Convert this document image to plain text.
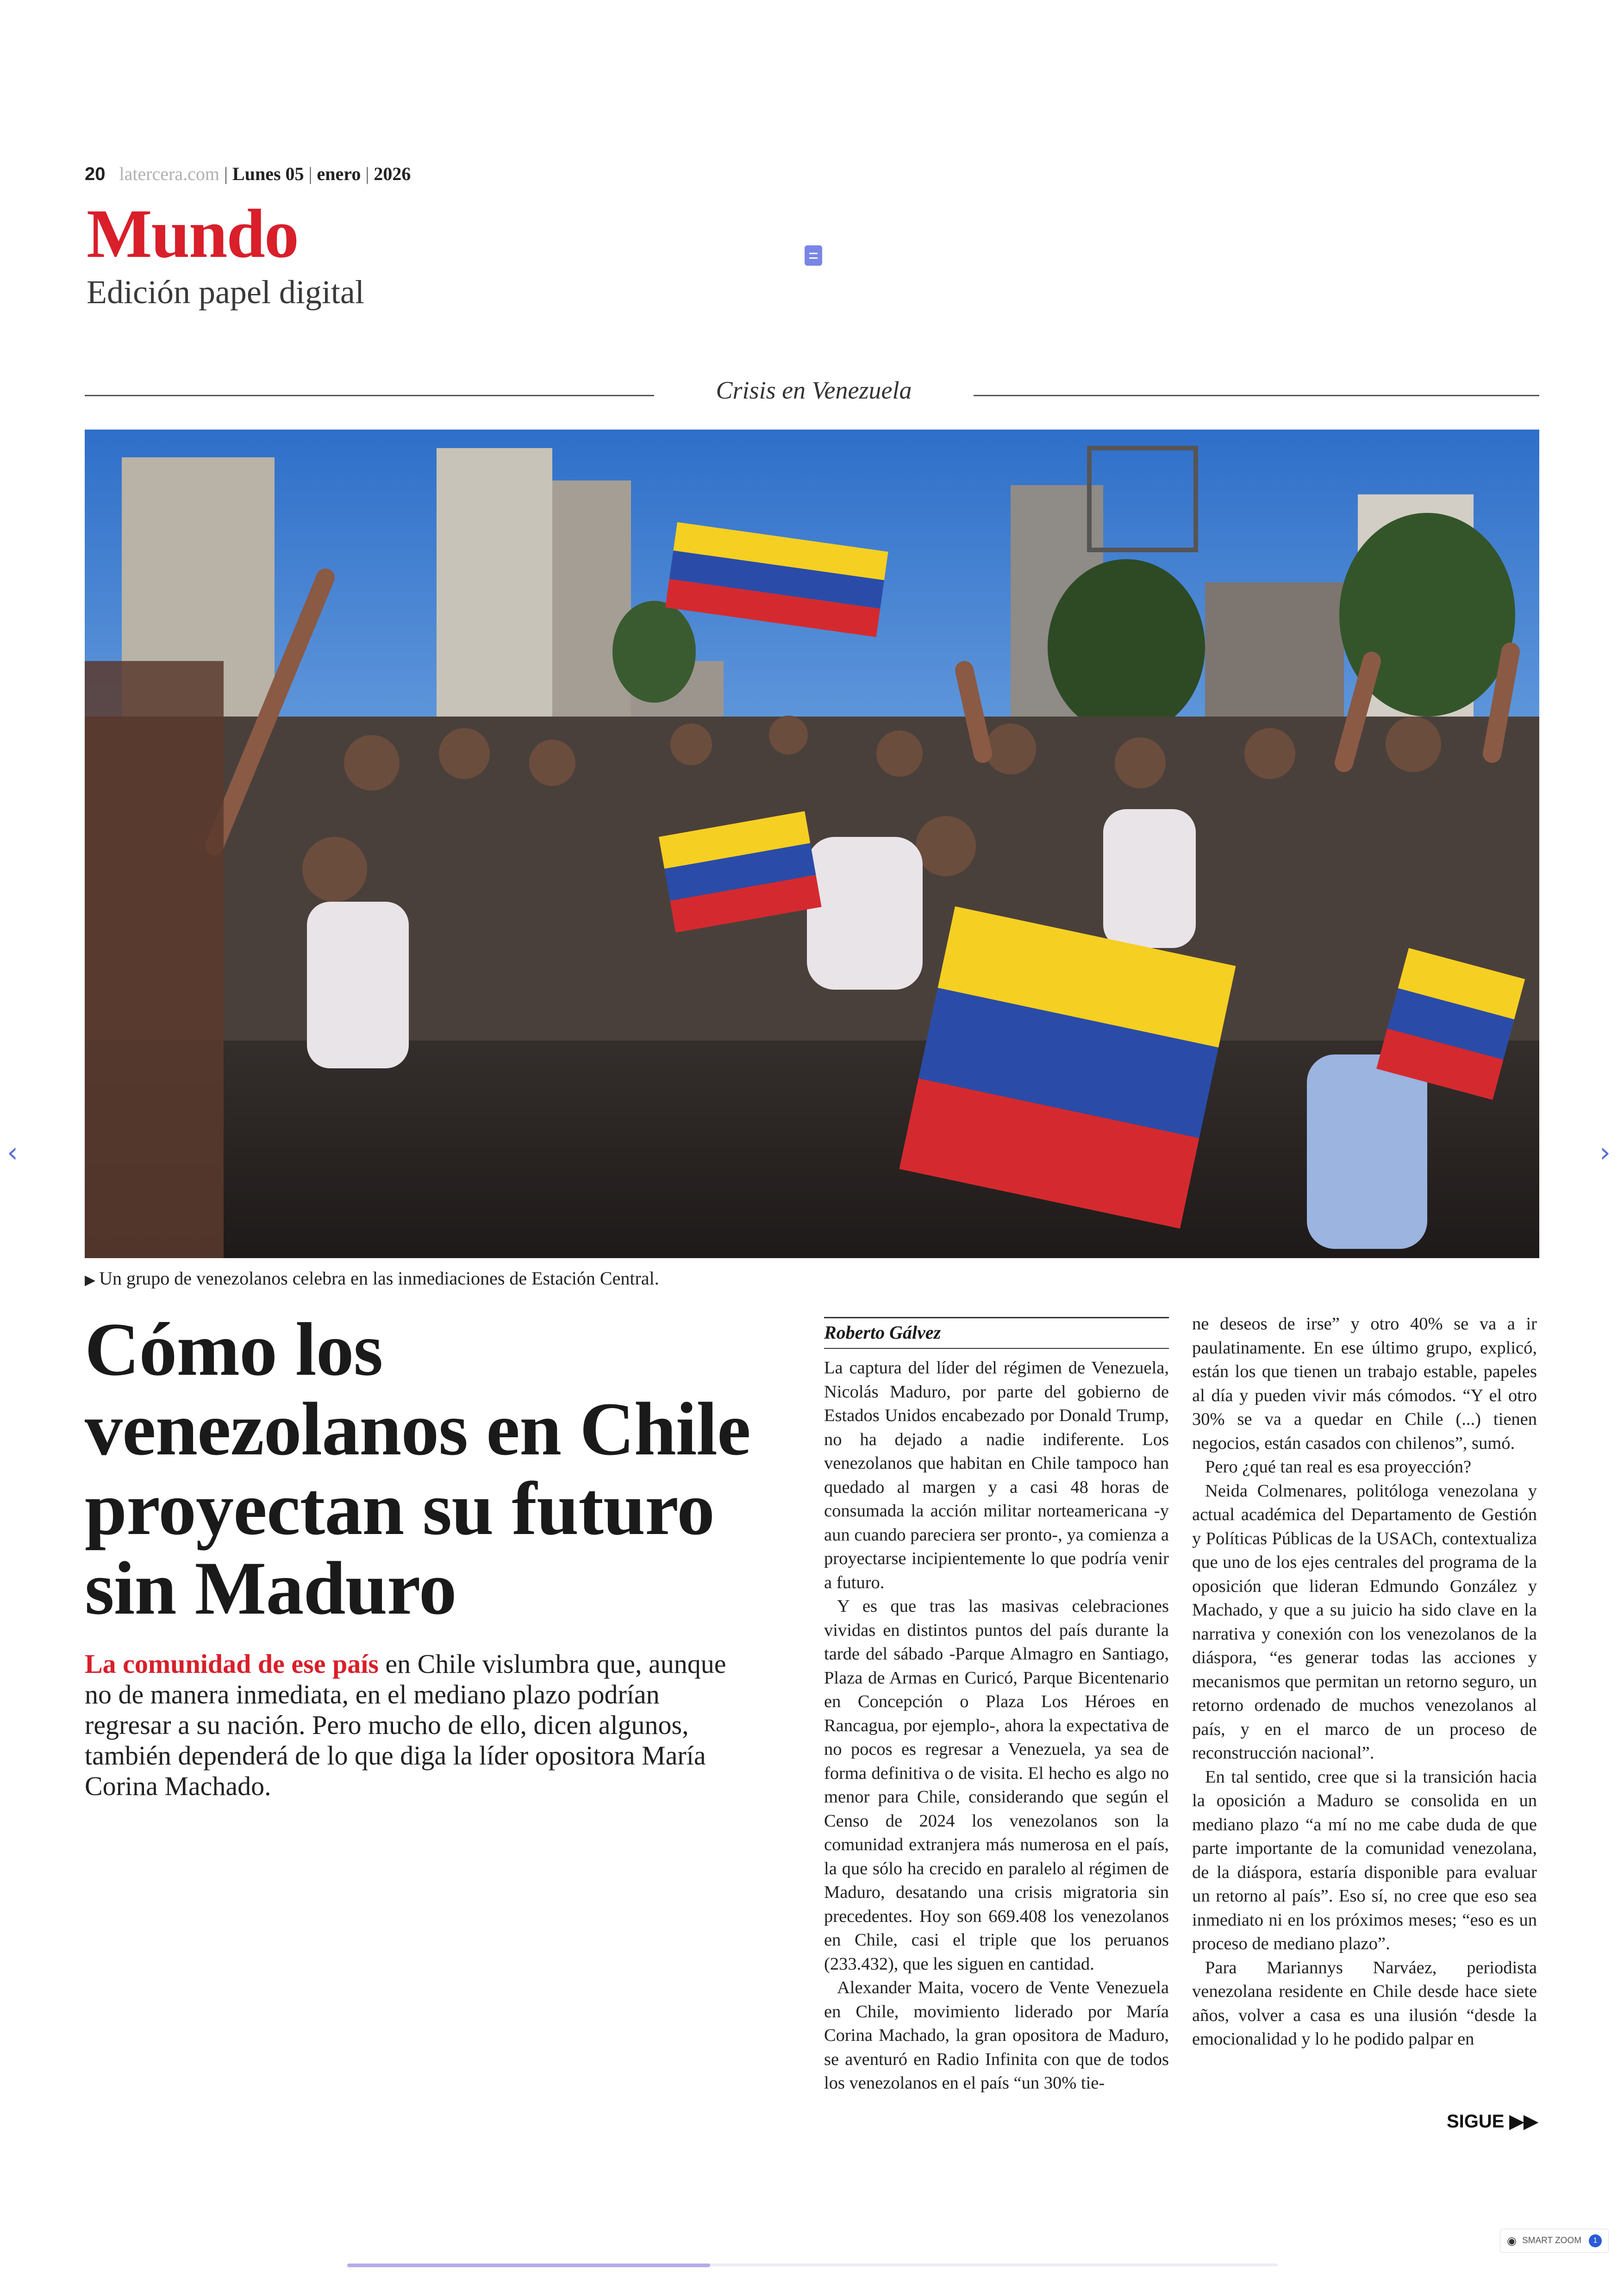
20 latercera.com | Lunes 05 | enero | 2026
Mundo
Edición papel digital
Crisis en Venezuela
▶ Un grupo de venezolanos celebra en las inmediaciones de Estación Central.
Cómo los venezolanos en Chile proyectan su futuro sin Maduro

La comunidad de ese país en Chile vislumbra que, aunque no de manera inmediata, en el mediano plazo podrían regresar a su nación. Pero mucho de ello, dicen algunos, también dependerá de lo que diga la líder opositora María Corina Machado.

Roberto Gálvez

La captura del líder del régimen de Venezuela, Nicolás Maduro, por parte del gobierno de Estados Unidos encabezado por Donald Trump, no ha dejado a nadie indiferente. Los venezolanos que habitan en Chile tampoco han quedado al margen y a casi 48 horas de consumada la acción militar norteamericana -y aun cuando pareciera ser pronto-, ya comienza a proyectarse incipientemente lo que podría venir a futuro.

Y es que tras las masivas celebraciones vividas en distintos puntos del país durante la tarde del sábado -Parque Almagro en Santiago, Plaza de Armas en Curicó, Parque Bicentenario en Concepción o Plaza Los Héroes en Rancagua, por ejemplo-, ahora la expectativa de no pocos es regresar a Venezuela, ya sea de forma definitiva o de visita. El hecho es algo no menor para Chile, considerando que según el Censo de 2024 los venezolanos son la comunidad extranjera más numerosa en el país, la que sólo ha crecido en paralelo al régimen de Maduro, desatando una crisis migratoria sin precedentes. Hoy son 669.408 los venezolanos en Chile, casi el triple que los peruanos (233.432), que les siguen en cantidad.

Alexander Maita, vocero de Vente Venezuela en Chile, movimiento liderado por María Corina Machado, la gran opositora de Maduro, se aventuró en Radio Infinita con que de todos los venezolanos en el país “un 30% tie-

ne deseos de irse” y otro 40% se va a ir paulatinamente. En ese último grupo, explicó, están los que tienen un trabajo estable, papeles al día y pueden vivir más cómodos. “Y el otro 30% se va a quedar en Chile (...) tienen negocios, están casados con chilenos”, sumó.

Pero ¿qué tan real es esa proyección?

Neida Colmenares, politóloga venezolana y actual académica del Departamento de Gestión y Políticas Públicas de la USACh, contextualiza que uno de los ejes centrales del programa de la oposición que lideran Edmundo González y Machado, y que a su juicio ha sido clave en la narrativa y conexión con los venezolanos de la diáspora, “es generar todas las acciones y mecanismos que permitan un retorno seguro, un retorno ordenado de muchos venezolanos al país, y en el marco de un proceso de reconstrucción nacional”.

En tal sentido, cree que si la transición hacia la oposición a Maduro se consolida en un mediano plazo “a mí no me cabe duda de que parte importante de la comunidad venezolana, de la diáspora, estaría disponible para evaluar un retorno al país”. Eso sí, no cree que eso sea inmediato ni en los próximos meses; “eso es un proceso de mediano plazo”.

Para Mariannys Narváez, periodista venezolana residente en Chile desde hace siete años, volver a casa es una ilusión “desde la emocionalidad y lo he podido palpar en

SIGUE ▶▶
‹	›
◉ SMART ZOOM	1
